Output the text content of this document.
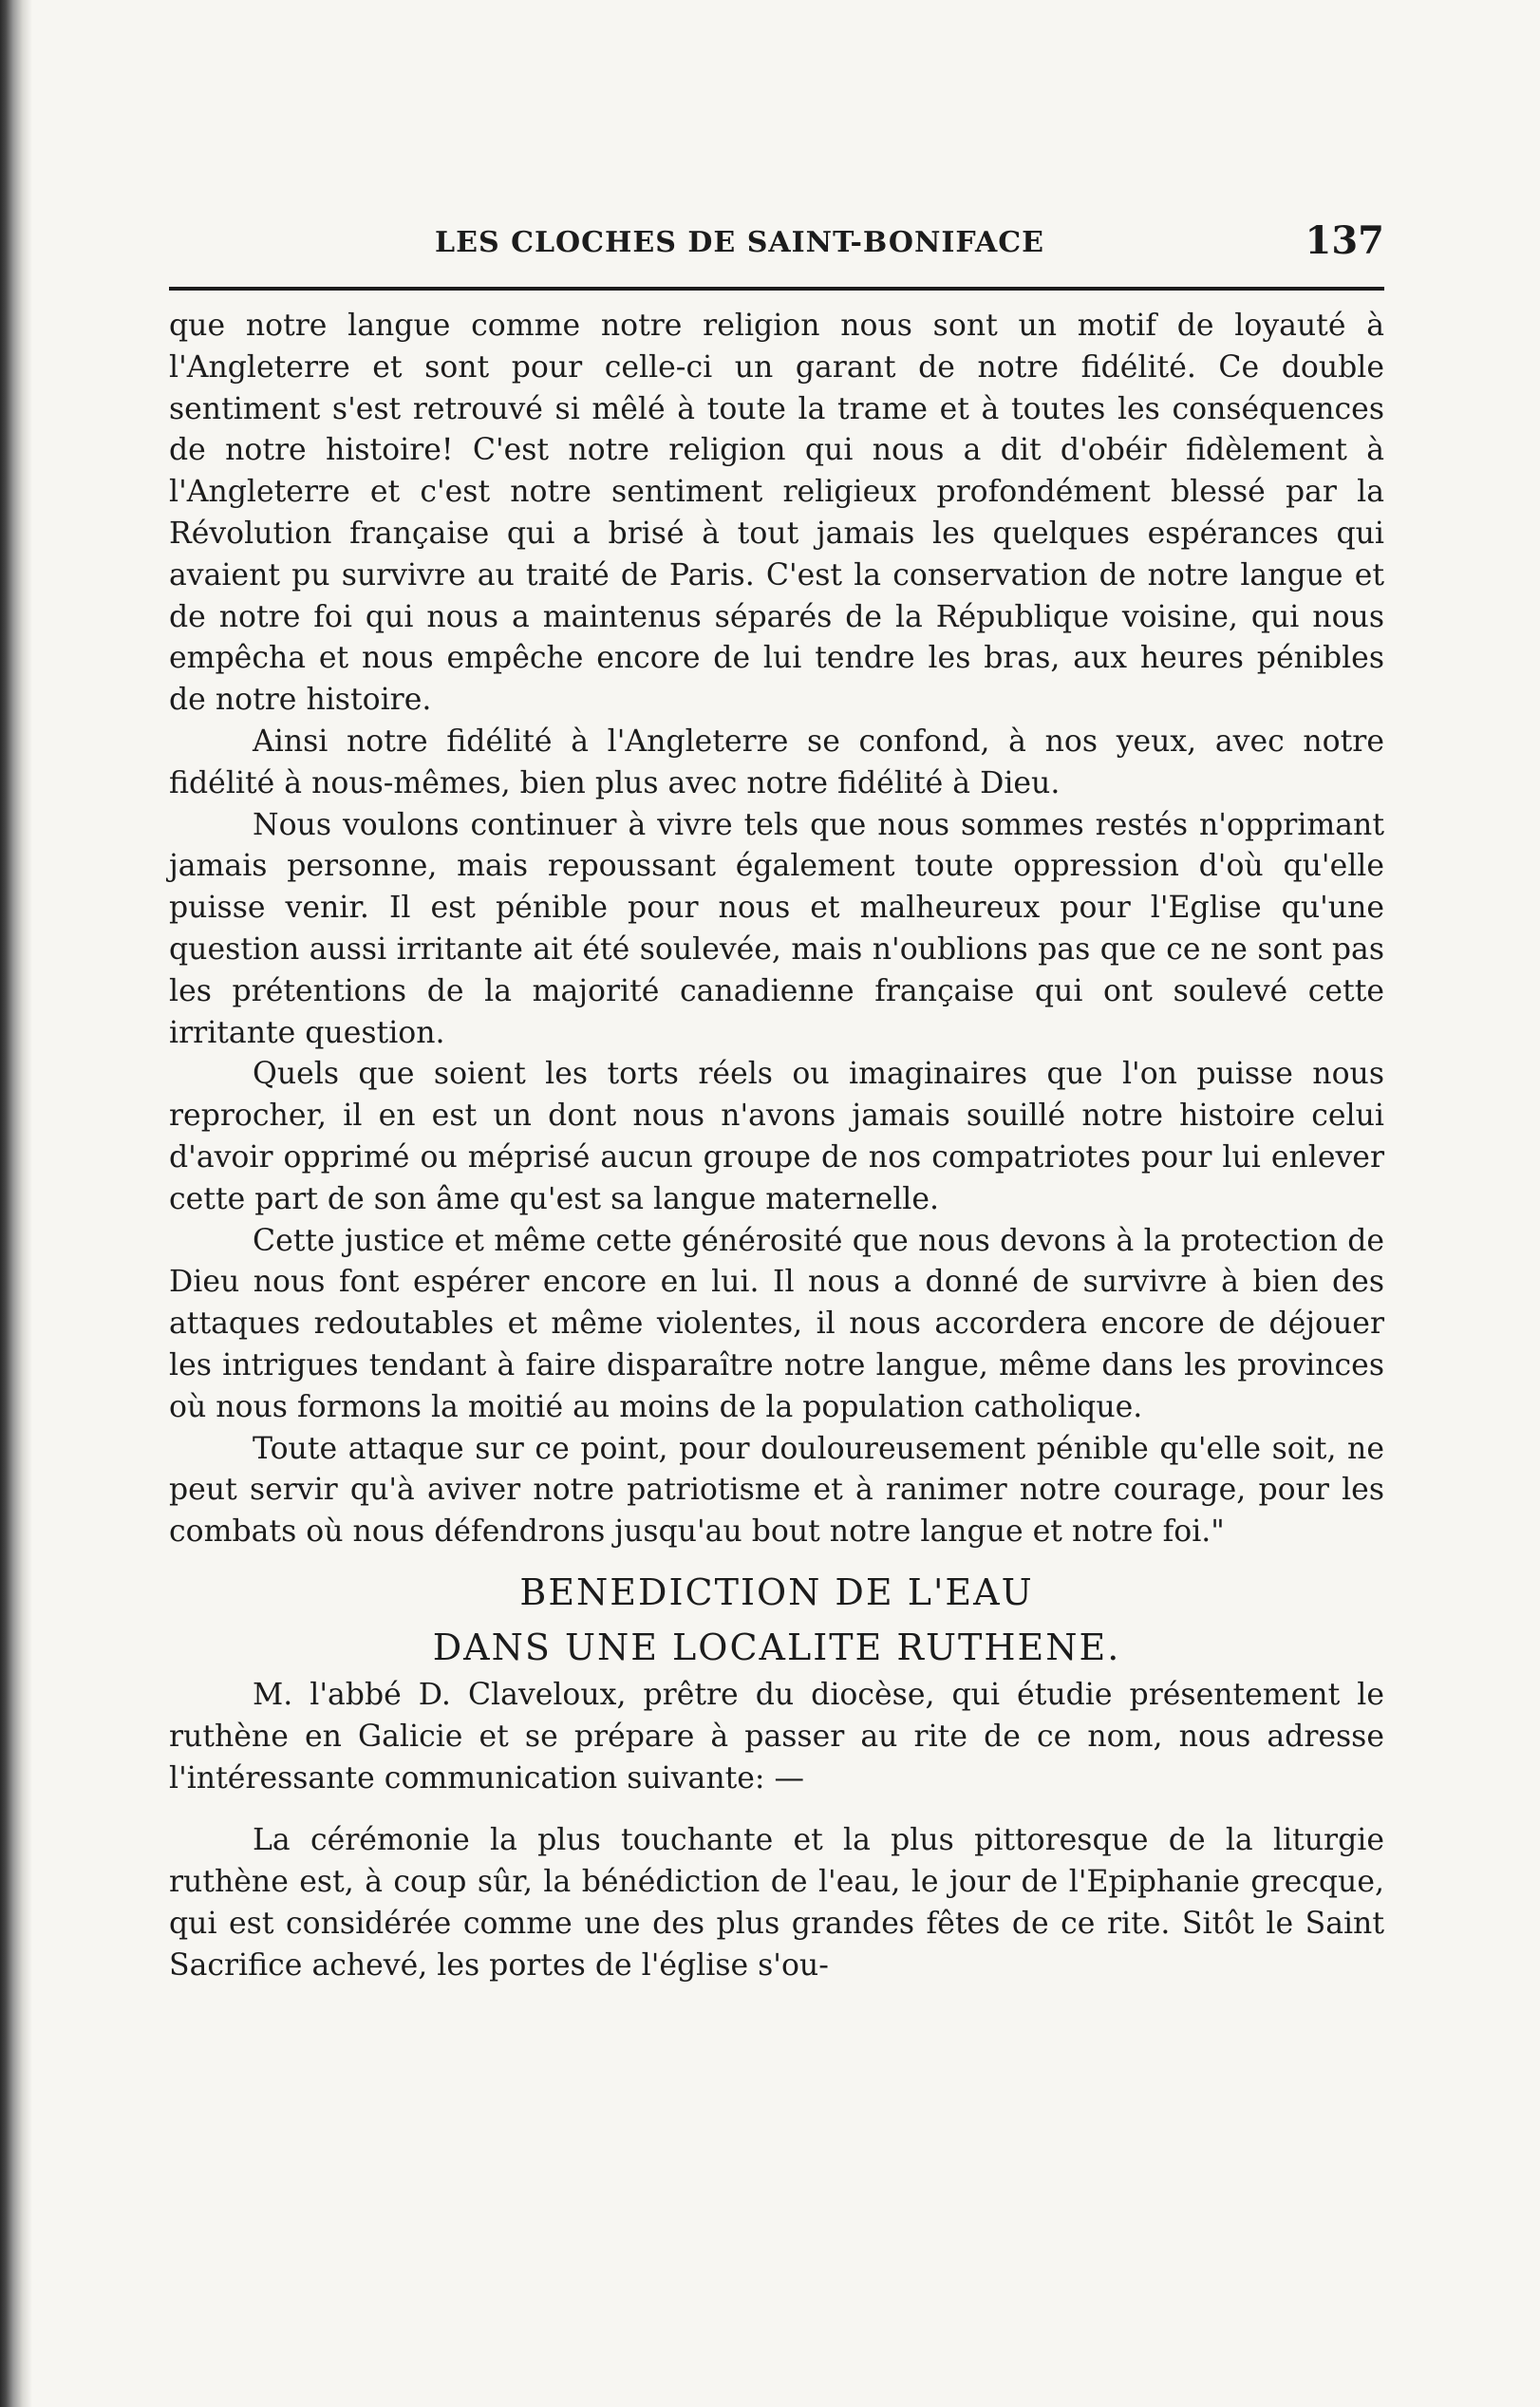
LES CLOCHES DE SAINT-BONIFACE	137

que notre langue comme notre religion nous sont un motif de loyauté à l'Angleterre et sont pour celle-ci un garant de notre fidélité. Ce double sentiment s'est retrouvé si mêlé à toute la trame et à toutes les conséquences de notre histoire! C'est notre religion qui nous a dit d'obéir fidèlement à l'Angleterre et c'est notre sentiment religieux profondément blessé par la Révolution française qui a brisé à tout jamais les quelques espérances qui avaient pu survivre au traité de Paris. C'est la conservation de notre langue et de notre foi qui nous a maintenus séparés de la République voisine, qui nous empêcha et nous empêche encore de lui tendre les bras, aux heures pénibles de notre histoire.

Ainsi notre fidélité à l'Angleterre se confond, à nos yeux, avec notre fidélité à nous-mêmes, bien plus avec notre fidélité à Dieu.

Nous voulons continuer à vivre tels que nous sommes restés n'opprimant jamais personne, mais repoussant également toute oppression d'où qu'elle puisse venir. Il est pénible pour nous et malheureux pour l'Eglise qu'une question aussi irritante ait été soulevée, mais n'oublions pas que ce ne sont pas les prétentions de la majorité canadienne française qui ont soulevé cette irritante question.

Quels que soient les torts réels ou imaginaires que l'on puisse nous reprocher, il en est un dont nous n'avons jamais souillé notre histoire celui d'avoir opprimé ou méprisé aucun groupe de nos compatriotes pour lui enlever cette part de son âme qu'est sa langue maternelle.

Cette justice et même cette générosité que nous devons à la protection de Dieu nous font espérer encore en lui. Il nous a donné de survivre à bien des attaques redoutables et même violentes, il nous accordera encore de déjouer les intrigues tendant à faire disparaître notre langue, même dans les provinces où nous formons la moitié au moins de la population catholique.

Toute attaque sur ce point, pour douloureusement pénible qu'elle soit, ne peut servir qu'à aviver notre patriotisme et à ranimer notre courage, pour les combats où nous défendrons jusqu'au bout notre langue et notre foi."

BENEDICTION DE L'EAU
DANS UNE LOCALITE RUTHENE.

M. l'abbé D. Claveloux, prêtre du diocèse, qui étudie présentement le ruthène en Galicie et se prépare à passer au rite de ce nom, nous adresse l'intéressante communication suivante: —

La cérémonie la plus touchante et la plus pittoresque de la liturgie ruthène est, à coup sûr, la bénédiction de l'eau, le jour de l'Epiphanie grecque, qui est considérée comme une des plus grandes fêtes de ce rite. Sitôt le Saint Sacrifice achevé, les portes de l'église s'ou-
